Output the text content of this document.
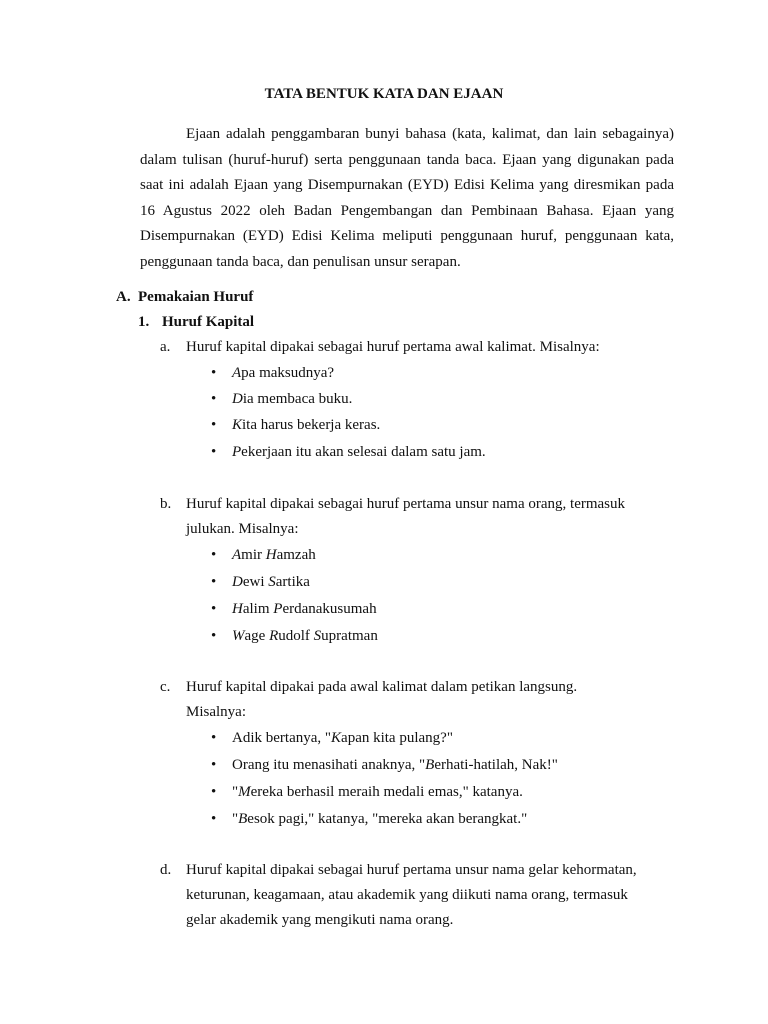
TATA BENTUK KATA DAN EJAAN
Ejaan adalah penggambaran bunyi bahasa (kata, kalimat, dan lain sebagainya) dalam tulisan (huruf-huruf) serta penggunaan tanda baca. Ejaan yang digunakan pada saat ini adalah Ejaan yang Disempurnakan (EYD) Edisi Kelima yang diresmikan pada 16 Agustus 2022 oleh Badan Pengembangan dan Pembinaan Bahasa. Ejaan yang Disempurnakan (EYD) Edisi Kelima meliputi penggunaan huruf, penggunaan kata, penggunaan tanda baca, dan penulisan unsur serapan.
A. Pemakaian Huruf
1. Huruf Kapital
a. Huruf kapital dipakai sebagai huruf pertama awal kalimat. Misalnya:
• Apa maksudnya?
• Dia membaca buku.
• Kita harus bekerja keras.
• Pekerjaan itu akan selesai dalam satu jam.
b. Huruf kapital dipakai sebagai huruf pertama unsur nama orang, termasuk
julukan. Misalnya:
• Amir Hamzah
• Dewi Sartika
• Halim Perdanakusumah
• Wage Rudolf Supratman
c. Huruf kapital dipakai pada awal kalimat dalam petikan langsung.
Misalnya:
• Adik bertanya, "Kapan kita pulang?"
• Orang itu menasihati anaknya, "Berhati-hatilah, Nak!"
• "Mereka berhasil meraih medali emas," katanya.
• "Besok pagi," katanya, "mereka akan berangkat."
d. Huruf kapital dipakai sebagai huruf pertama unsur nama gelar kehormatan,
keturunan, keagamaan, atau akademik yang diikuti nama orang, termasuk
gelar akademik yang mengikuti nama orang.
